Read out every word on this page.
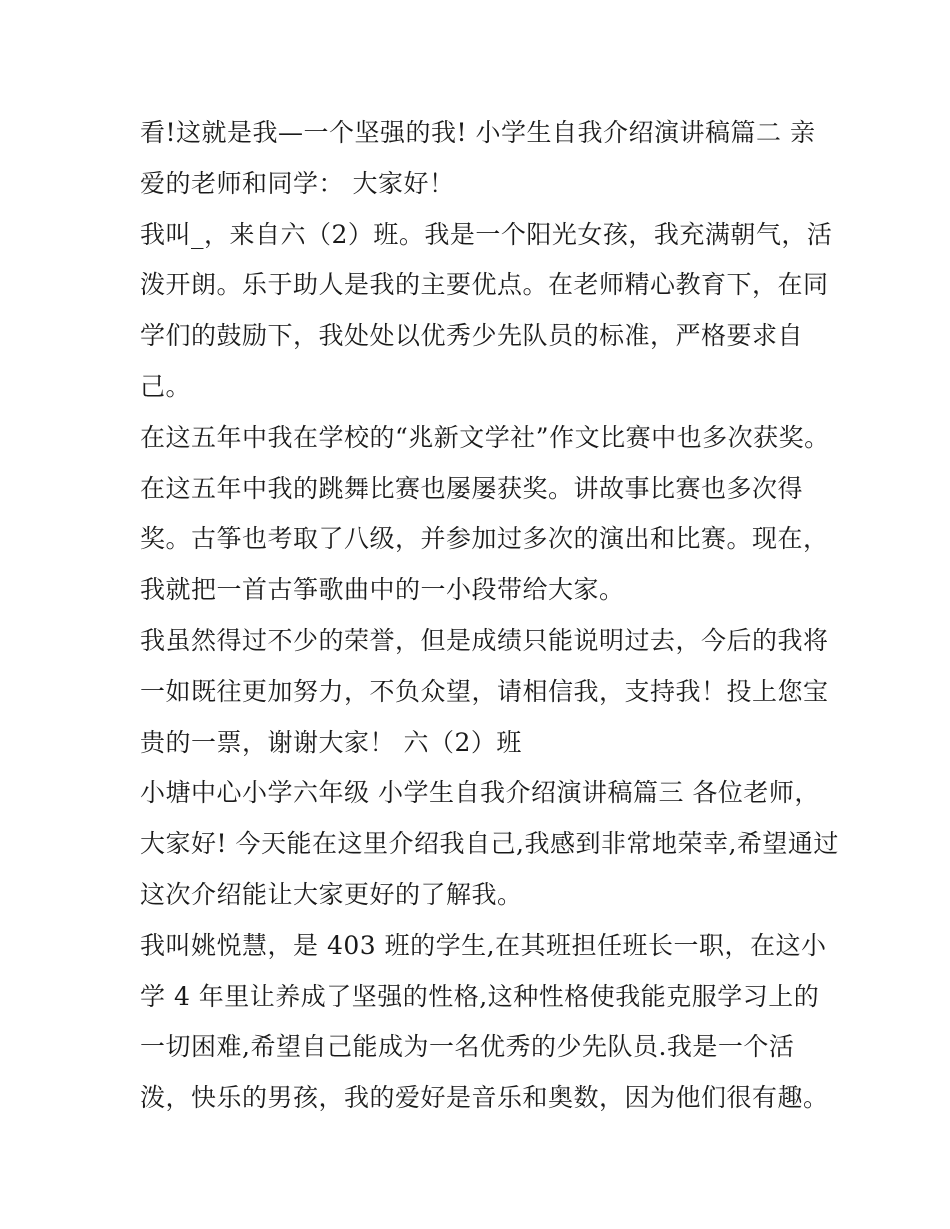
看!这就是我—一个坚强的我! 小学生自我介绍演讲稿篇二 亲
爱的老师和同学： 大家好！
我叫_，来自六（2）班。我是一个阳光女孩，我充满朝气，活
泼开朗。乐于助人是我的主要优点。在老师精心教育下，在同
学们的鼓励下，我处处以优秀少先队员的标准，严格要求自
己。
在这五年中我在学校的“兆新文学社”作文比赛中也多次获奖。
在这五年中我的跳舞比赛也屡屡获奖。讲故事比赛也多次得
奖。古筝也考取了八级，并参加过多次的演出和比赛。现在，
我就把一首古筝歌曲中的一小段带给大家。
我虽然得过不少的荣誉，但是成绩只能说明过去，今后的我将
一如既往更加努力，不负众望，请相信我，支持我！投上您宝
贵的一票，谢谢大家！ 六（2）班
小塘中心小学六年级 小学生自我介绍演讲稿篇三 各位老师，
大家好! 今天能在这里介绍我自己,我感到非常地荣幸,希望通过
这次介绍能让大家更好的了解我。
我叫姚悦慧，是 403 班的学生,在其班担任班长一职，在这小
学 4 年里让养成了坚强的性格,这种性格使我能克服学习上的
一切困难,希望自己能成为一名优秀的少先队员.我是一个活
泼，快乐的男孩，我的爱好是音乐和奥数，因为他们很有趣。
